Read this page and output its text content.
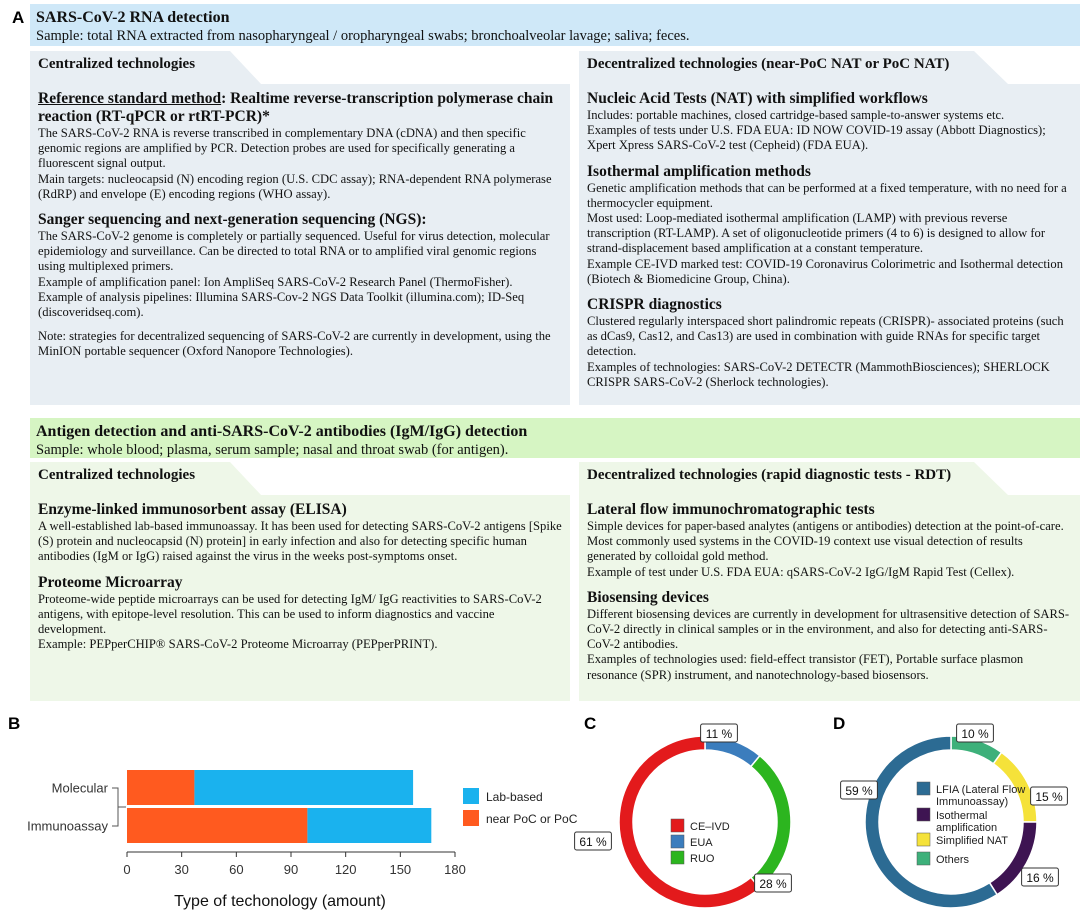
A
B	C	D
SARS-CoV-2 RNA detection
Sample: total RNA extracted from nasopharyngeal / oropharyngeal swabs; bronchoalveolar lavage; saliva; feces.
Centralized technologies
Reference standard method: Realtime reverse-transcription polymerase chain reaction (RT-qPCR or rtRT-PCR)*

The SARS-CoV-2 RNA is reverse transcribed in complementary DNA (cDNA) and then specific genomic regions are amplified by PCR. Detection probes are used for specifically generating a fluorescent signal output.

Main targets: nucleocapsid (N) encoding region (U.S. CDC assay); RNA-dependent RNA polymerase (RdRP) and envelope (E) encoding regions (WHO assay).

Sanger sequencing and next-generation sequencing (NGS):

The SARS-CoV-2 genome is completely or partially sequenced. Useful for virus detection, molecular epidemiology and surveillance. Can be directed to total RNA or to amplified viral genomic regions using multiplexed primers.

Example of amplification panel: Ion AmpliSeq SARS-CoV-2 Research Panel (ThermoFisher).

Example of analysis pipelines: Illumina SARS-Cov-2 NGS Data Toolkit (illumina.com); ID-Seq (discoveridseq.com).

Note: strategies for decentralized sequencing of SARS-CoV-2 are currently in development, using the MinION portable sequencer (Oxford Nanopore Technologies).

Decentralized technologies (near-PoC NAT or PoC NAT)
Nucleic Acid Tests (NAT) with simplified workflows

Includes: portable machines, closed cartridge-based sample-to-answer systems etc.

Examples of tests under U.S. FDA EUA: ID NOW COVID-19 assay (Abbott Diagnostics); Xpert Xpress SARS-CoV-2 test (Cepheid) (FDA EUA).

Isothermal amplification methods

Genetic amplification methods that can be performed at a fixed temperature, with no need for a thermocycler equipment.

Most used: Loop-mediated isothermal amplification (LAMP) with previous reverse transcription (RT-LAMP). A set of oligonucleotide primers (4 to 6) is designed to allow for strand-displacement based amplification at a constant temperature.

Example CE-IVD marked test: COVID-19 Coronavirus Colorimetric and Isothermal detection (Biotech & Biomedicine Group, China).

CRISPR diagnostics

Clustered regularly interspaced short palindromic repeats (CRISPR)- associated proteins (such as dCas9, Cas12, and Cas13) are used in combination with guide RNAs for specific target detection.

Examples of technologies: SARS-CoV-2 DETECTR (MammothBiosciences); SHERLOCK CRISPR SARS-CoV-2 (Sherlock technologies).

Antigen detection and anti-SARS-CoV-2 antibodies (IgM/IgG) detection
Sample: whole blood; plasma, serum sample; nasal and throat swab (for antigen).
Centralized technologies
Enzyme-linked immunosorbent assay (ELISA)

A well-established lab-based immunoassay. It has been used for detecting SARS-CoV-2 antigens [Spike (S) protein and nucleocapsid (N) protein] in early infection and also for detecting specific human antibodies (IgM or IgG) raised against the virus in the weeks post-symptoms onset.

Proteome Microarray

Proteome-wide peptide microarrays can be used for detecting IgM/ IgG reactivities to SARS-CoV-2 antigens, with epitope-level resolution. This can be used to inform diagnostics and vaccine development.

Example: PEPperCHIP® SARS-CoV-2 Proteome Microarray (PEPperPRINT).

Decentralized technologies (rapid diagnostic tests - RDT)
Lateral flow immunochromatographic tests

Simple devices for paper-based analytes (antigens or antibodies) detection at the point-of-care. Most commonly used systems in the COVID-19 context use visual detection of results generated by colloidal gold method.

Example of test under U.S. FDA EUA: qSARS-CoV-2 IgG/IgM Rapid Test (Cellex).

Biosensing devices

Different biosensing devices are currently in development for ultrasensitive detection of SARS-CoV-2 directly in clinical samples or in the environment, and also for detecting anti-SARS-CoV-2 antibodies.

Examples of technologies used: field-effect transistor (FET), Portable surface plasmon resonance (SPR) instrument, and nanotechnology-based biosensors.

Molecular
Immunoassay
0	30	60	90	120	150	180
Type of techonology (amount)
Lab-based
near PoC or PoC
11 %
28 %
61 %
CE–IVD
EUA
RUO
10 %
15 %
16 %
59 %	LFIA (Lateral Flow
Immunoassay)
Isothermal
amplification
Simplified NAT
Others
